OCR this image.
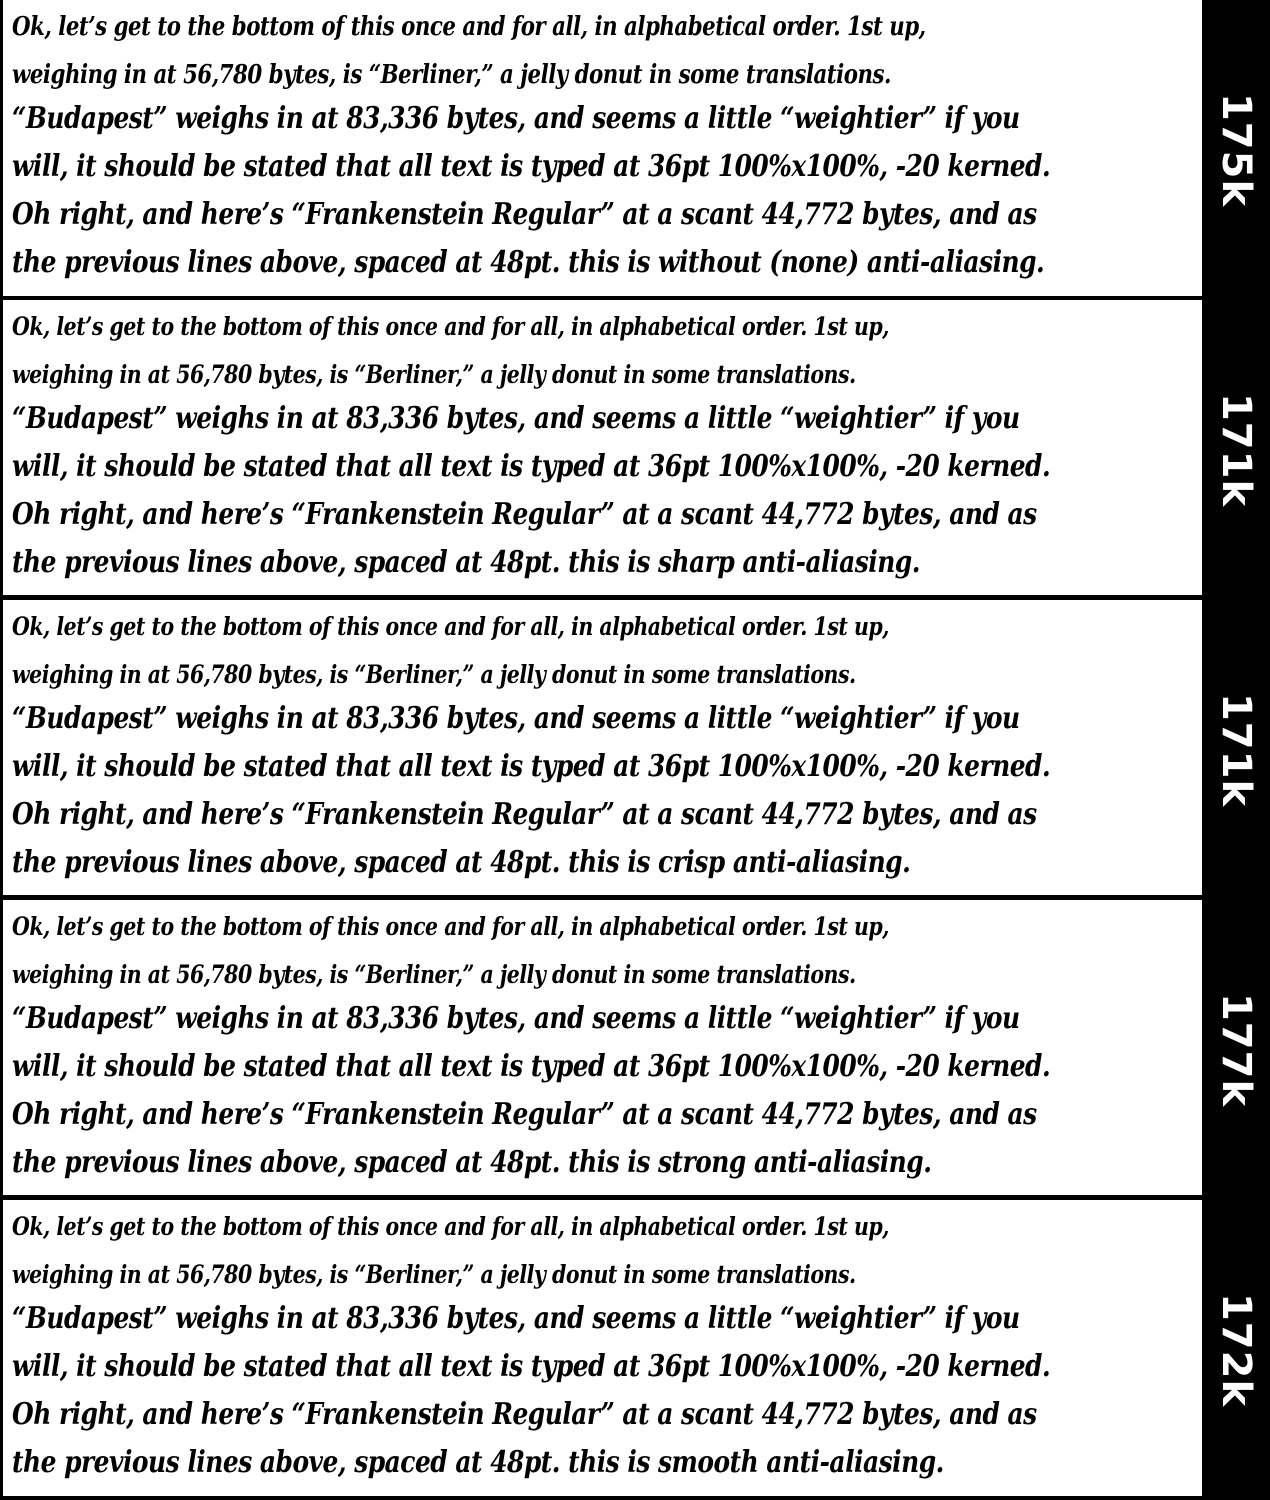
Ok, let’s get to the bottom of this once and for all, in alphabetical order. 1st up,
weighing in at 56,780 bytes, is “Berliner,” a jelly donut in some translations.
“Budapest” weighs in at 83,336 bytes, and seems a little “weightier” if you
will, it should be stated that all text is typed at 36pt 100%x100%, -20 kerned.
Oh right, and here’s “Frankenstein Regular” at a scant 44,772 bytes, and as
the previous lines above, spaced at 48pt. this is without (none) anti-aliasing.
175k
Ok, let’s get to the bottom of this once and for all, in alphabetical order. 1st up,
weighing in at 56,780 bytes, is “Berliner,” a jelly donut in some translations.
“Budapest” weighs in at 83,336 bytes, and seems a little “weightier” if you
will, it should be stated that all text is typed at 36pt 100%x100%, -20 kerned.
Oh right, and here’s “Frankenstein Regular” at a scant 44,772 bytes, and as
the previous lines above, spaced at 48pt. this is sharp anti-aliasing.
171k
Ok, let’s get to the bottom of this once and for all, in alphabetical order. 1st up,
weighing in at 56,780 bytes, is “Berliner,” a jelly donut in some translations.
“Budapest” weighs in at 83,336 bytes, and seems a little “weightier” if you
will, it should be stated that all text is typed at 36pt 100%x100%, -20 kerned.
Oh right, and here’s “Frankenstein Regular” at a scant 44,772 bytes, and as
the previous lines above, spaced at 48pt. this is crisp anti-aliasing.
171k
Ok, let’s get to the bottom of this once and for all, in alphabetical order. 1st up,
weighing in at 56,780 bytes, is “Berliner,” a jelly donut in some translations.
“Budapest” weighs in at 83,336 bytes, and seems a little “weightier” if you
will, it should be stated that all text is typed at 36pt 100%x100%, -20 kerned.
Oh right, and here’s “Frankenstein Regular” at a scant 44,772 bytes, and as
the previous lines above, spaced at 48pt. this is strong anti-aliasing.
177k
Ok, let’s get to the bottom of this once and for all, in alphabetical order. 1st up,
weighing in at 56,780 bytes, is “Berliner,” a jelly donut in some translations.
“Budapest” weighs in at 83,336 bytes, and seems a little “weightier” if you
will, it should be stated that all text is typed at 36pt 100%x100%, -20 kerned.
Oh right, and here’s “Frankenstein Regular” at a scant 44,772 bytes, and as
the previous lines above, spaced at 48pt. this is smooth anti-aliasing.
172k
